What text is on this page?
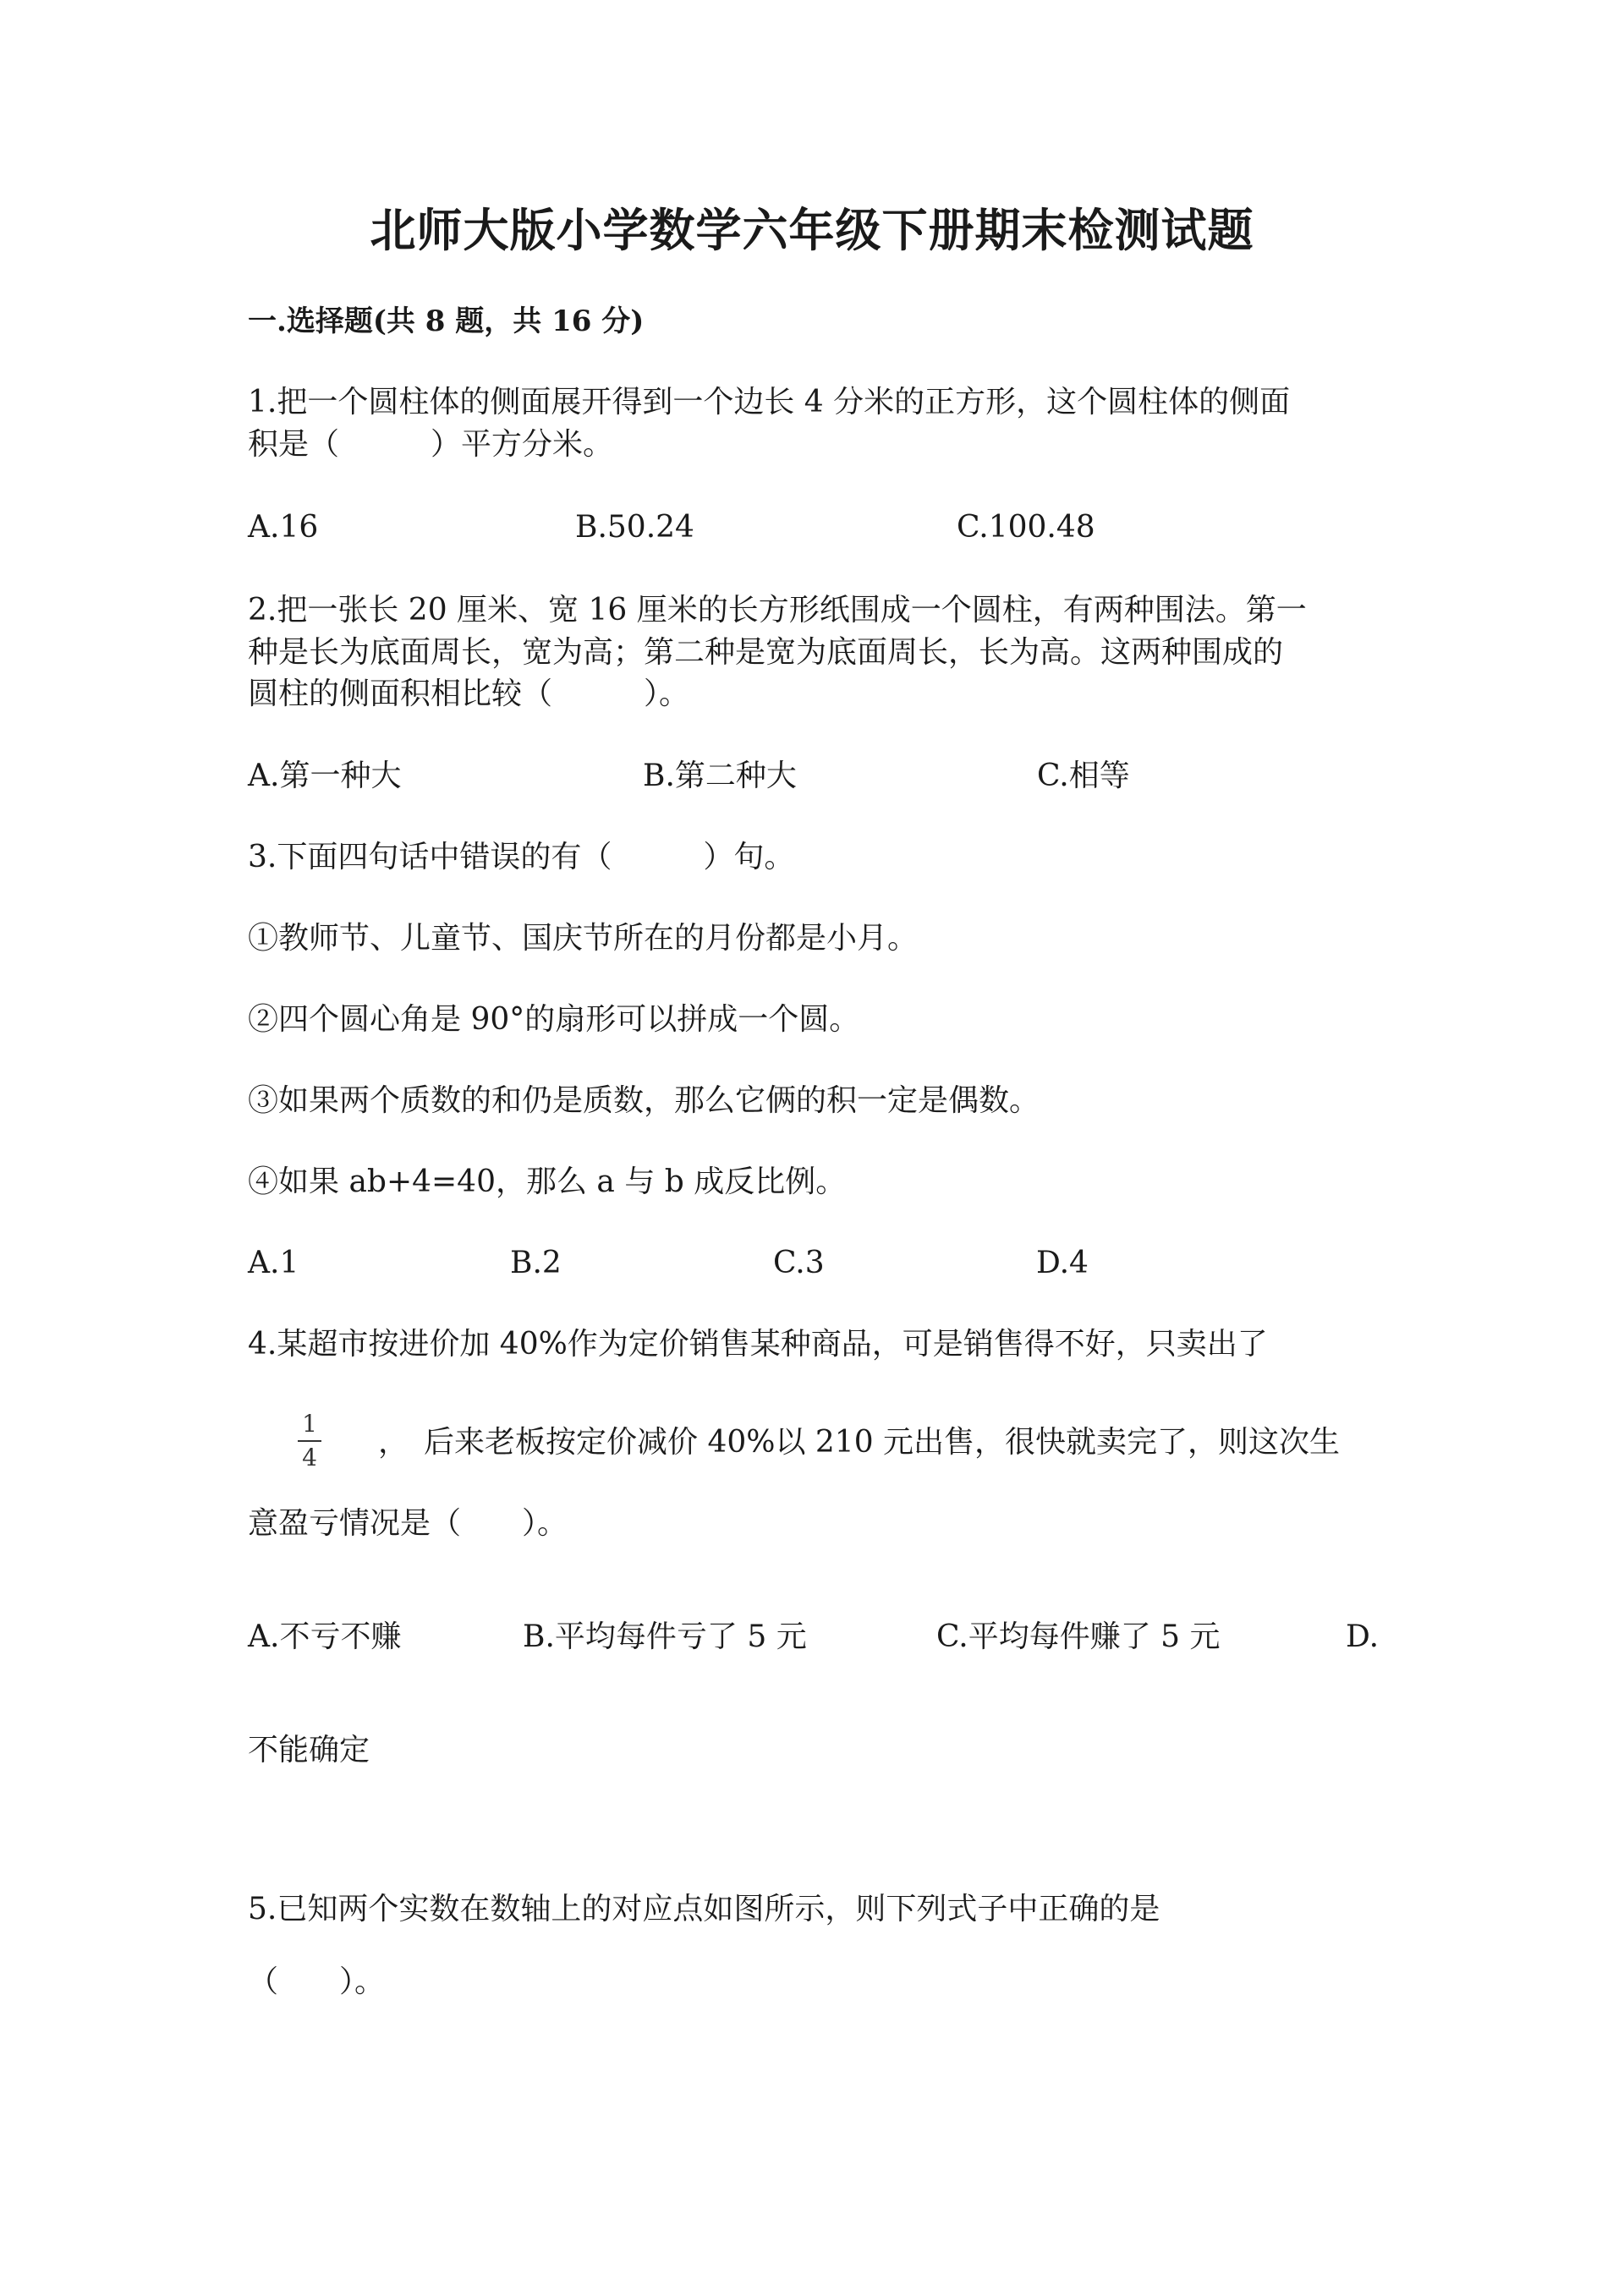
北师大版小学数学六年级下册期末检测试题
一.选择题(共 8 题，共 16 分)
1.把一个圆柱体的侧面展开得到一个边长 4 分米的正方形，这个圆柱体的侧面
积是（　　　）平方分米。
A.16	B.50.24	C.100.48
2.把一张长 20 厘米、宽 16 厘米的长方形纸围成一个圆柱，有两种围法。第一
种是长为底面周长，宽为高；第二种是宽为底面周长，长为高。这两种围成的
圆柱的侧面积相比较（　　　）。
A.第一种大	B.第二种大	C.相等
3.下面四句话中错误的有（　　　）句。
①教师节、儿童节、国庆节所在的月份都是小月。
②四个圆心角是 90°的扇形可以拼成一个圆。
③如果两个质数的和仍是质数，那么它俩的积一定是偶数。
④如果 ab+4=40，那么 a 与 b 成反比例。
A.1	B.2	C.3	D.4
4.某超市按进价加 40%作为定价销售某种商品，可是销售得不好，只卖出了
1
4 ，　后来老板按定价减价 40%以 210 元出售，很快就卖完了，则这次生
意盈亏情况是（　　）。
A.不亏不赚	B.平均每件亏了 5 元	C.平均每件赚了 5 元	D.
不能确定
5.已知两个实数在数轴上的对应点如图所示，则下列式子中正确的是
（　　）。
